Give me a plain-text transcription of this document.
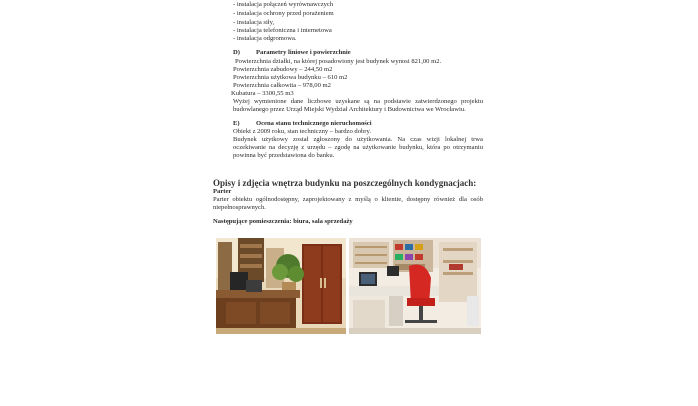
- instalacja połączeń wyrównawczych
- instalacja ochrony przed porażeniem
- instalacja siły,
- instalacja telefoniczna i internetowa
- instalacja odgromowa.
D) Parametry liniowe i powierzchnie
Powierzchnia działki, na której posadowiony jest budynek wynosi 821,00 m2.
Powierzchnia zabudowy – 244,50 m2
Powierzchnia użytkowa budynku – 610 m2
Powierzchnia całkowita – 978,00 m2
Kubatura – 3300,55 m3
Wyżej wymienione dane liczbowe uzyskane są na podstawie zatwierdzonego projektu
budowlanego przez Urząd Miejski Wydział Architektury i Budownictwa we Wrocławiu.
E) Ocena stanu technicznego nieruchomości
Obiekt z 2009 roku, stan techniczny – bardzo dobry.
Budynek użytkowy został zgłoszony do użytkowania. Na czas wizji lokalnej trwa
oczekiwanie na decyzję z urzędu – zgodę na użytkowanie budynku, która po otrzymaniu
powinna być przedstawiona do banku.
Opisy i zdjęcia wnętrza budynku na poszczególnych kondygnacjach:
Parter
Parter obiektu ogólnodostępny, zaprojektowany z myślą o klientie, dostępny również dla osób
niepełnosprawnych.
Następujące pomieszczenia: biura, sala sprzedaży
